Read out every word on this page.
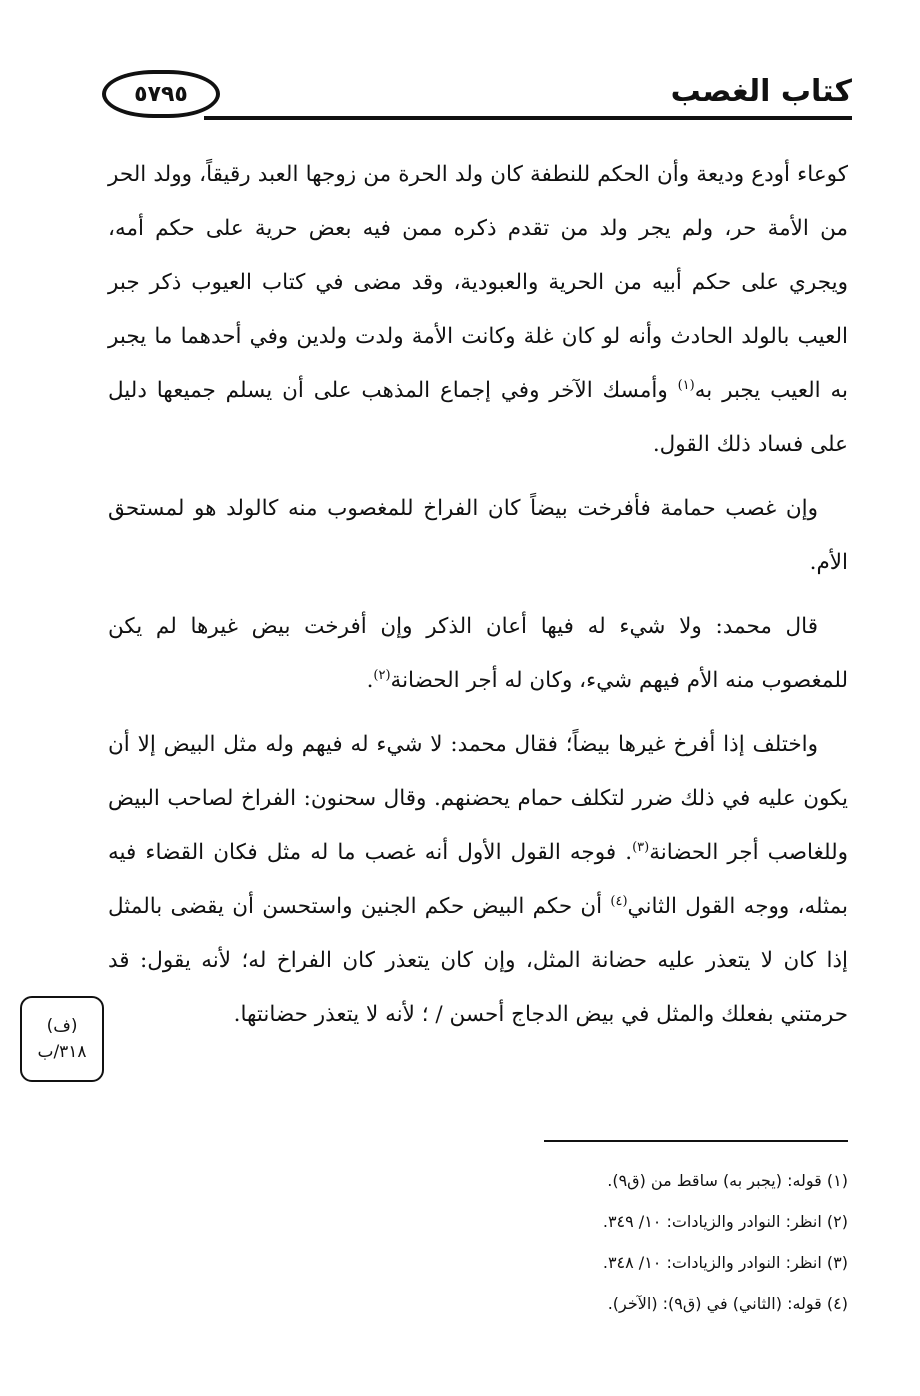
٥٧٩٥	كتاب الغصب

كوعاء أودع وديعة وأن الحكم للنطفة كان ولد الحرة من زوجها العبد رقيقاً، وولد الحر من الأمة حر، ولم يجر ولد من تقدم ذكره ممن فيه بعض حرية على حكم أمه، ويجري على حكم أبيه من الحرية والعبودية، وقد مضى في كتاب العيوب ذكر جبر العيب بالولد الحادث وأنه لو كان غلة وكانت الأمة ولدت ولدين وفي أحدهما ما يجبر به العيب يجبر به$^{(١)}$ وأمسك الآخر وفي إجماع المذهب على أن يسلم جميعها دليل على فساد ذلك القول.

وإن غصب حمامة فأفرخت بيضاً كان الفراخ للمغصوب منه كالولد هو لمستحق الأم.

قال محمد: ولا شيء له فيها أعان الذكر وإن أفرخت بيض غيرها لم يكن للمغصوب منه الأم فيهم شيء، وكان له أجر الحضانة$^{(٢)}$.

واختلف إذا أفرخ غيرها بيضاً؛ فقال محمد: لا شيء له فيهم وله مثل البيض إلا أن يكون عليه في ذلك ضرر لتكلف حمام يحضنهم. وقال سحنون: الفراخ لصاحب البيض وللغاصب أجر الحضانة$^{(٣)}$. فوجه القول الأول أنه غصب ما له مثل فكان القضاء فيه بمثله، ووجه القول الثاني$^{(٤)}$ أن حكم البيض حكم الجنين واستحسن أن يقضى بالمثل إذا كان لا يتعذر عليه حضانة المثل، وإن كان يتعذر كان الفراخ له؛ لأنه يقول: قد حرمتني بفعلك والمثل في بيض الدجاج أحسن / ؛ لأنه لا يتعذر حضانتها.

(ف)
٣١٨/ب
(١) قوله: (يجبر به) ساقط من (ق٩).
(٢) انظر: النوادر والزيادات: ١٠/ ٣٤٩.
(٣) انظر: النوادر والزيادات: ١٠/ ٣٤٨.
(٤) قوله: (الثاني) في (ق٩): (الآخر).
